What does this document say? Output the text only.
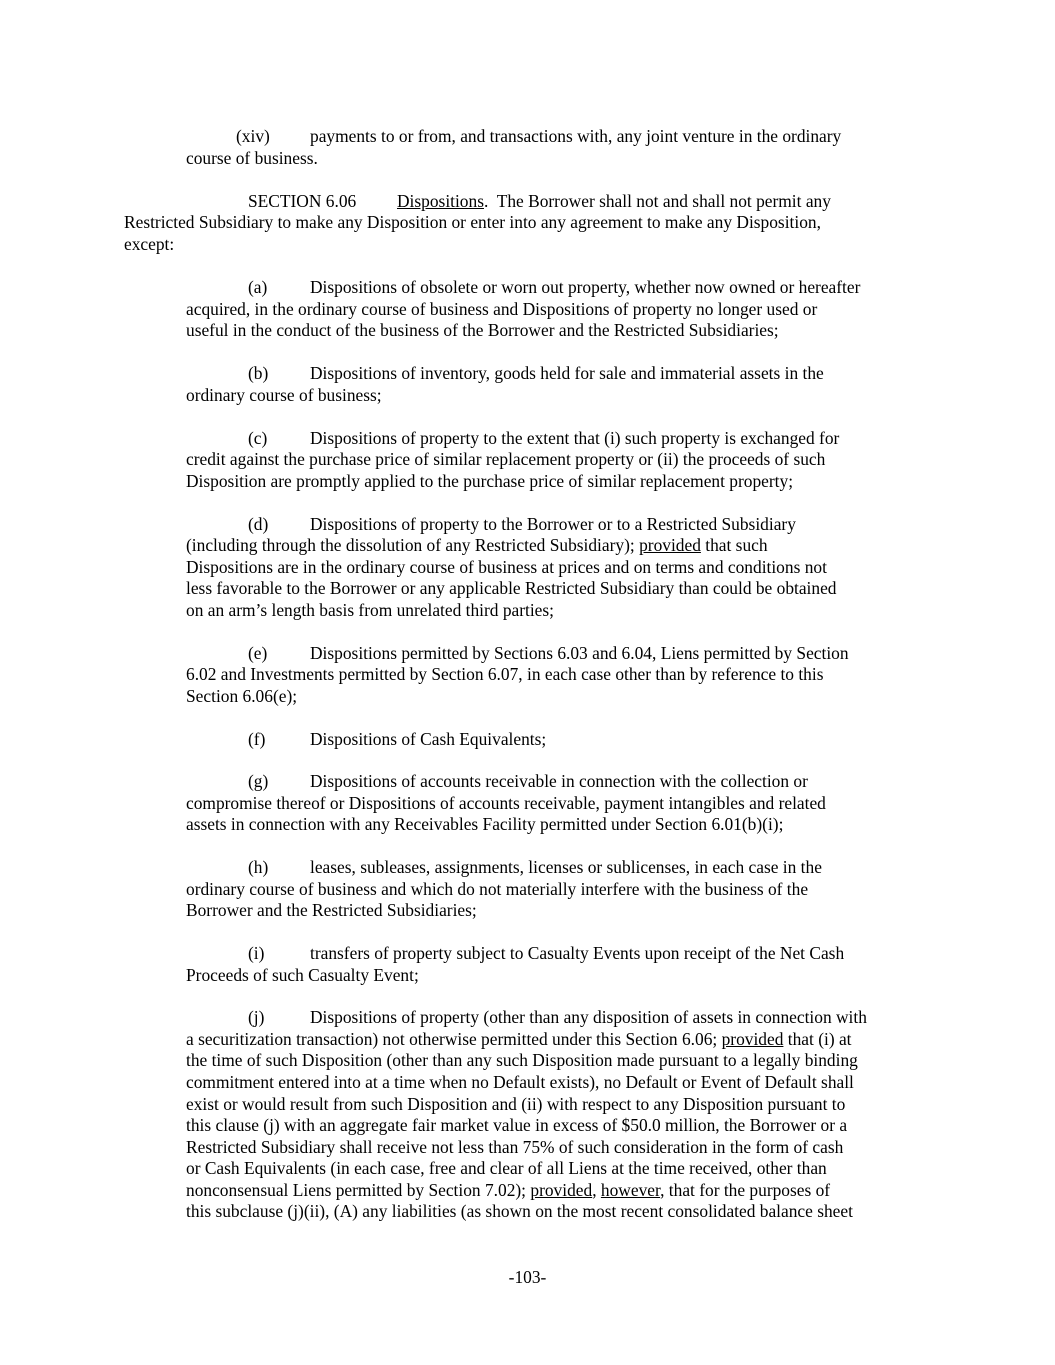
(xiv) payments to or from, and transactions with, any joint venture in the ordinary
course of business.
SECTION 6.06 Dispositions.  The Borrower shall not and shall not permit any
Restricted Subsidiary to make any Disposition or enter into any agreement to make any Disposition,
except:
(a) Dispositions of obsolete or worn out property, whether now owned or hereafter
acquired, in the ordinary course of business and Dispositions of property no longer used or
useful in the conduct of the business of the Borrower and the Restricted Subsidiaries;
(b) Dispositions of inventory, goods held for sale and immaterial assets in the
ordinary course of business;
(c) Dispositions of property to the extent that (i) such property is exchanged for
credit against the purchase price of similar replacement property or (ii) the proceeds of such
Disposition are promptly applied to the purchase price of similar replacement property;
(d) Dispositions of property to the Borrower or to a Restricted Subsidiary
(including through the dissolution of any Restricted Subsidiary); provided that such
Dispositions are in the ordinary course of business at prices and on terms and conditions not
less favorable to the Borrower or any applicable Restricted Subsidiary than could be obtained
on an arm’s length basis from unrelated third parties;
(e) Dispositions permitted by Sections 6.03 and 6.04, Liens permitted by Section
6.02 and Investments permitted by Section 6.07, in each case other than by reference to this
Section 6.06(e);
(f)	Dispositions of Cash Equivalents;
(g) Dispositions of accounts receivable in connection with the collection or
compromise thereof or Dispositions of accounts receivable, payment intangibles and related
assets in connection with any Receivables Facility permitted under Section 6.01(b)(i);
(h) leases, subleases, assignments, licenses or sublicenses, in each case in the
ordinary course of business and which do not materially interfere with the business of the
Borrower and the Restricted Subsidiaries;
(i)	transfers of property subject to Casualty Events upon receipt of the Net Cash
Proceeds of such Casualty Event;
(j)	Dispositions of property (other than any disposition of assets in connection with
a securitization transaction) not otherwise permitted under this Section 6.06; provided that (i) at
the time of such Disposition (other than any such Disposition made pursuant to a legally binding
commitment entered into at a time when no Default exists), no Default or Event of Default shall
exist or would result from such Disposition and (ii) with respect to any Disposition pursuant to
this clause (j) with an aggregate fair market value in excess of $50.0 million, the Borrower or a
Restricted Subsidiary shall receive not less than 75% of such consideration in the form of cash
or Cash Equivalents (in each case, free and clear of all Liens at the time received, other than
nonconsensual Liens permitted by Section 7.02); provided, however, that for the purposes of
this subclause (j)(ii), (A) any liabilities (as shown on the most recent consolidated balance sheet
-103-
